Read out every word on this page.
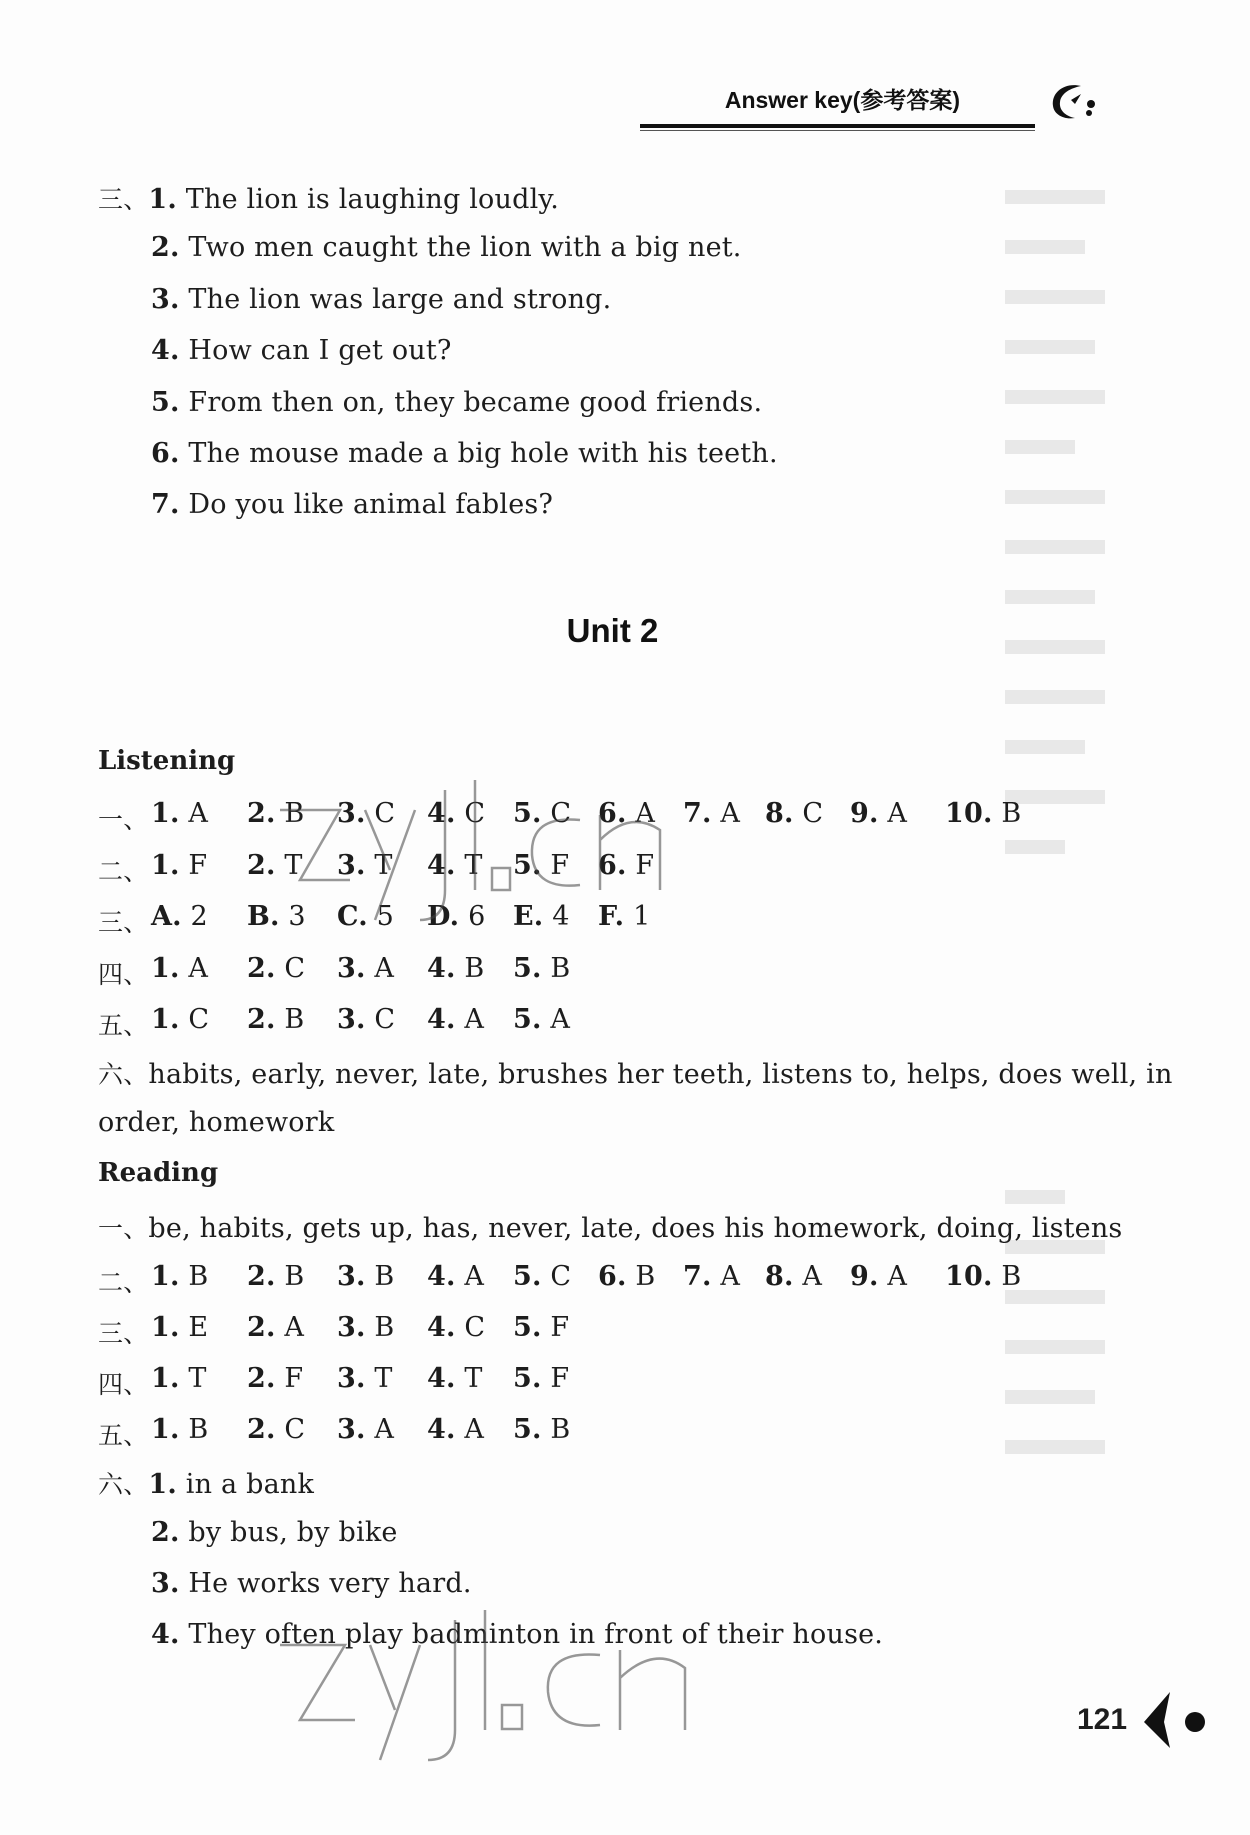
Answer key(参考答案)
三、1. The lion is laughing loudly.
2. Two men caught the lion with a big net.
3. The lion was large and strong.
4. How can I get out?
5. From then on, they became good friends.
6. The mouse made a big hole with his teeth.
7. Do you like animal fables?
Unit 2
Listening
一、 1. A 2. B 3. C 4. C 5. C 6. A 7. A 8. C 9. A 10. B
二、 1. F 2. T 3. T 4. T 5. F 6. F
三、 A. 2 B. 3 C. 5 D. 6 E. 4 F. 1
四、 1. A 2. C 3. A 4. B 5. B
五、 1. C 2. B 3. C 4. A 5. A
六、habits, early, never, late, brushes her teeth, listens to, helps, does well, in
order, homework
Reading
一、be, habits, gets up, has, never, late, does his homework, doing, listens
二、 1. B 2. B 3. B 4. A 5. C 6. B 7. A 8. A 9. A 10. B
三、 1. E 2. A 3. B 4. C 5. F
四、 1. T 2. F 3. T 4. T 5. F
五、 1. B 2. C 3. A 4. A 5. B
六、1. in a bank
2. by bus, by bike
3. He works very hard.
4. They often play badminton in front of their house.
121
